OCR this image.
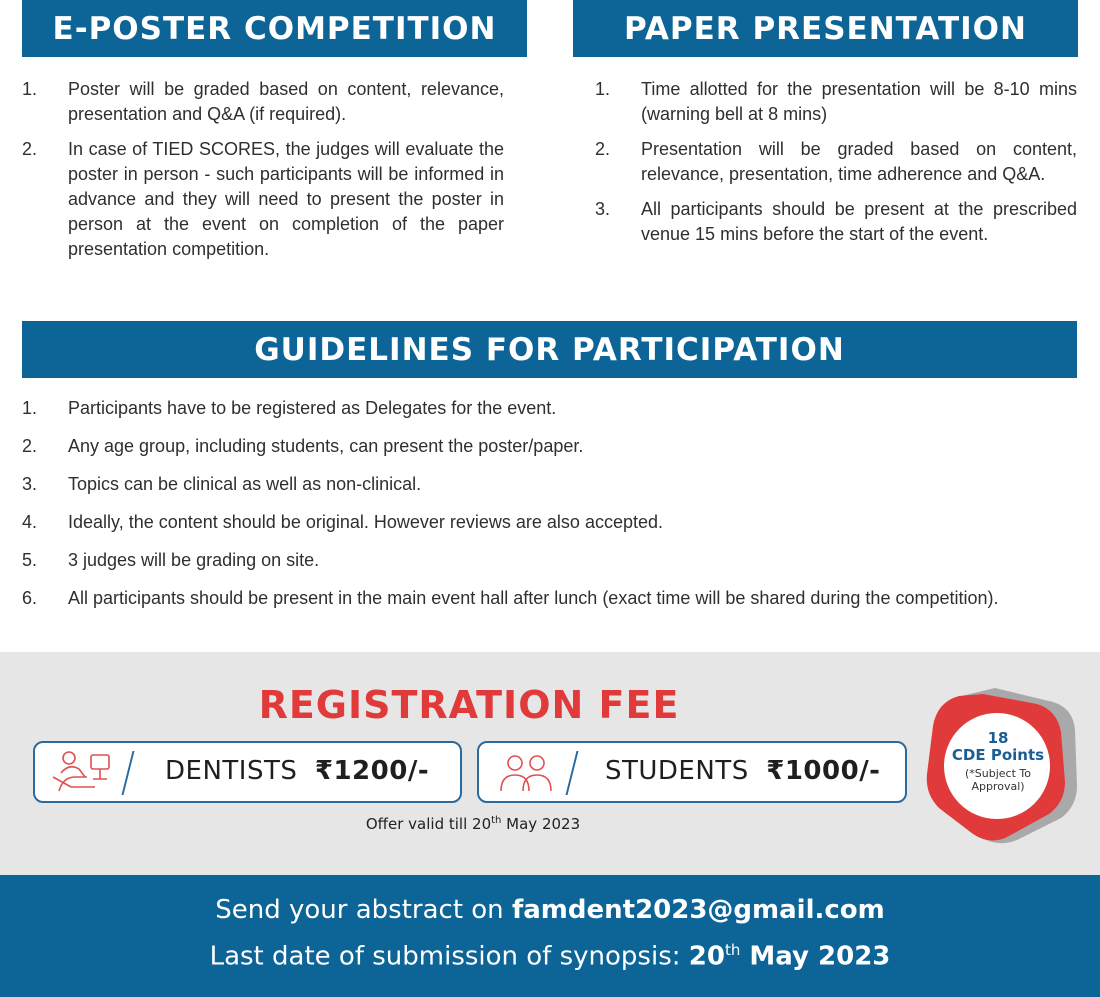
E-POSTER COMPETITION
1.	Poster will be graded based on content, relevance, presentation and Q&A (if required).
2.	In case of TIED SCORES, the judges will evaluate the poster in person - such participants will be informed in advance and they will need to present the poster in person at the event on completion of the paper presentation competition.
PAPER PRESENTATION
1.	Time allotted for the presentation will be 8-10 mins (warning bell at 8 mins)
2.	Presentation will be graded based on content, relevance, presentation, time adherence and Q&A.
3.	All participants should be present at the prescribed venue 15 mins before the start of the event.
GUIDELINES FOR PARTICIPATION
1.	Participants have to be registered as Delegates for the event.
2.	Any age group, including students, can present the poster/paper.
3.	Topics can be clinical as well as non-clinical.
4.	Ideally, the content should be original. However reviews are also accepted.
5.	3 judges will be grading on site.
6.	All participants should be present in the main event hall after lunch (exact time will be shared during the competition).
REGISTRATION FEE
DENTISTS ₹1200/-	STUDENTS ₹1000/-
Offer valid till 20th May 2023
18
CDE Points
(*Subject To
Approval)
Send your abstract on famdent2023@gmail.com
Last date of submission of synopsis: 20th May 2023
